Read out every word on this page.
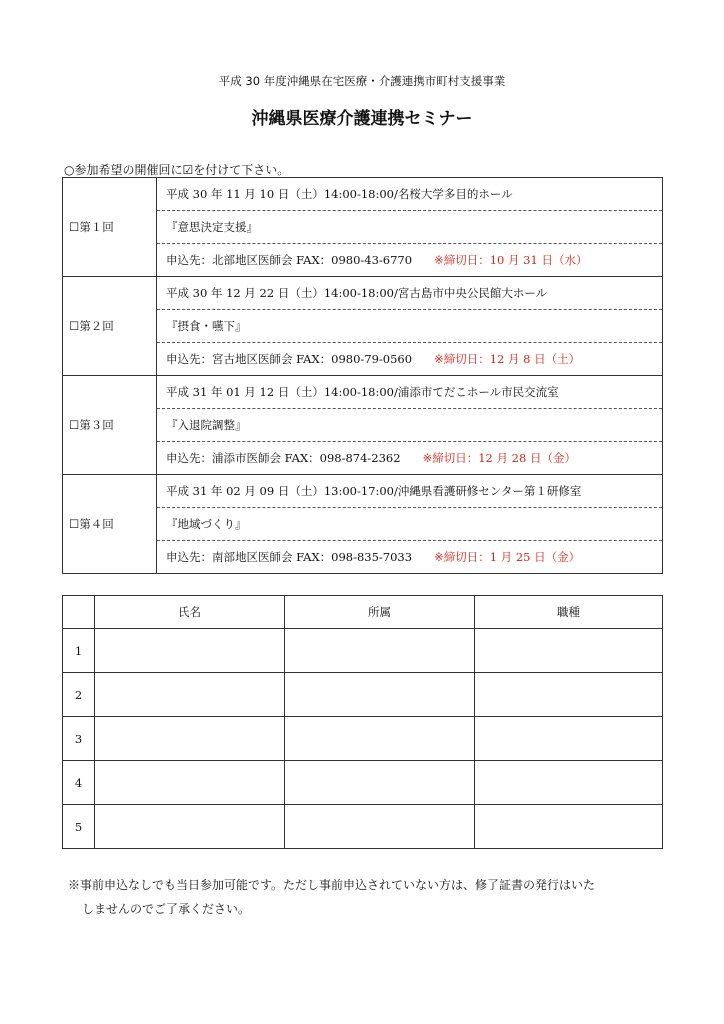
平成 30 年度沖縄県在宅医療・介護連携市町村支援事業
沖縄県医療介護連携セミナー
○参加希望の開催回に☑を付けて下さい。
☐第１回	平成 30 年 11 月 10 日（土）14:00-18:00/名桜大学多目的ホール
	『意思決定支援』
	申込先：北部地区医師会 FAX：0980-43-6770 ※締切日：10 月 31 日（水）
☐第２回	平成 30 年 12 月 22 日（土）14:00-18:00/宮古島市中央公民館大ホール
	『摂食・嚥下』
	申込先：宮古地区医師会 FAX：0980-79-0560 ※締切日：12 月 8 日（土）
☐第３回	平成 31 年 01 月 12 日（土）14:00-18:00/浦添市てだこホール市民交流室
	『入退院調整』
	申込先：浦添市医師会 FAX：098-874-2362 ※締切日：12 月 28 日（金）
☐第４回	平成 31 年 02 月 09 日（土）13:00-17:00/沖縄県看護研修センター第１研修室
	『地域づくり』
	申込先：南部地区医師会 FAX：098-835-7033 ※締切日：1 月 25 日（金）
	氏名	所属	職種
1			
2			
3			
4			
5			
※事前申込なしでも当日参加可能です。ただし事前申込されていない方は、修了証書の発行はいた
しませんのでご了承ください。
